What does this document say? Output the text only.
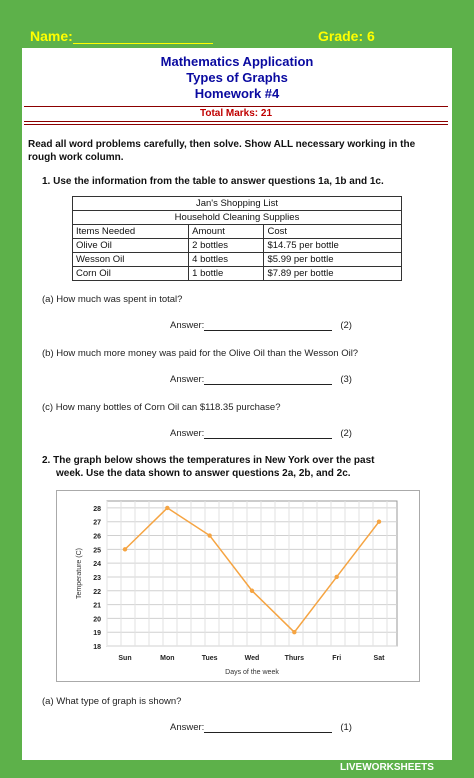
Name:	Grade: 6
Mathematics Application
Types of Graphs
Homework #4
Total Marks: 21
Read all word problems carefully, then solve. Show ALL necessary working in the rough work column.
1. Use the information from the table to answer questions 1a, 1b and 1c.
Jan's Shopping List		
Household Cleaning Supplies		
Items Needed	Amount	Cost
Olive Oil	2 bottles	$14.75 per bottle
Wesson Oil	4 bottles	$5.99 per bottle
Corn Oil	1 bottle	$7.89 per bottle
(a) How much was spent in total?
Answer:	(2)
(b) How much more money was paid for the Olive Oil than the Wesson Oil?
Answer:	(3)
(c) How many bottles of Corn Oil can $118.35 purchase?
Answer:	(2)
2. The graph below shows the temperatures in New York over the past
week. Use the data shown to answer questions 2a, 2b, and 2c.
18
19
20
21
22
23
24
25
26
27
28
Sun	Mon	Tues	Wed	Thurs	Fri	Sat
Days of the week
Temperature (C)
(a) What type of graph is shown?
Answer:	(1)
LIVEWORKSHEETS
